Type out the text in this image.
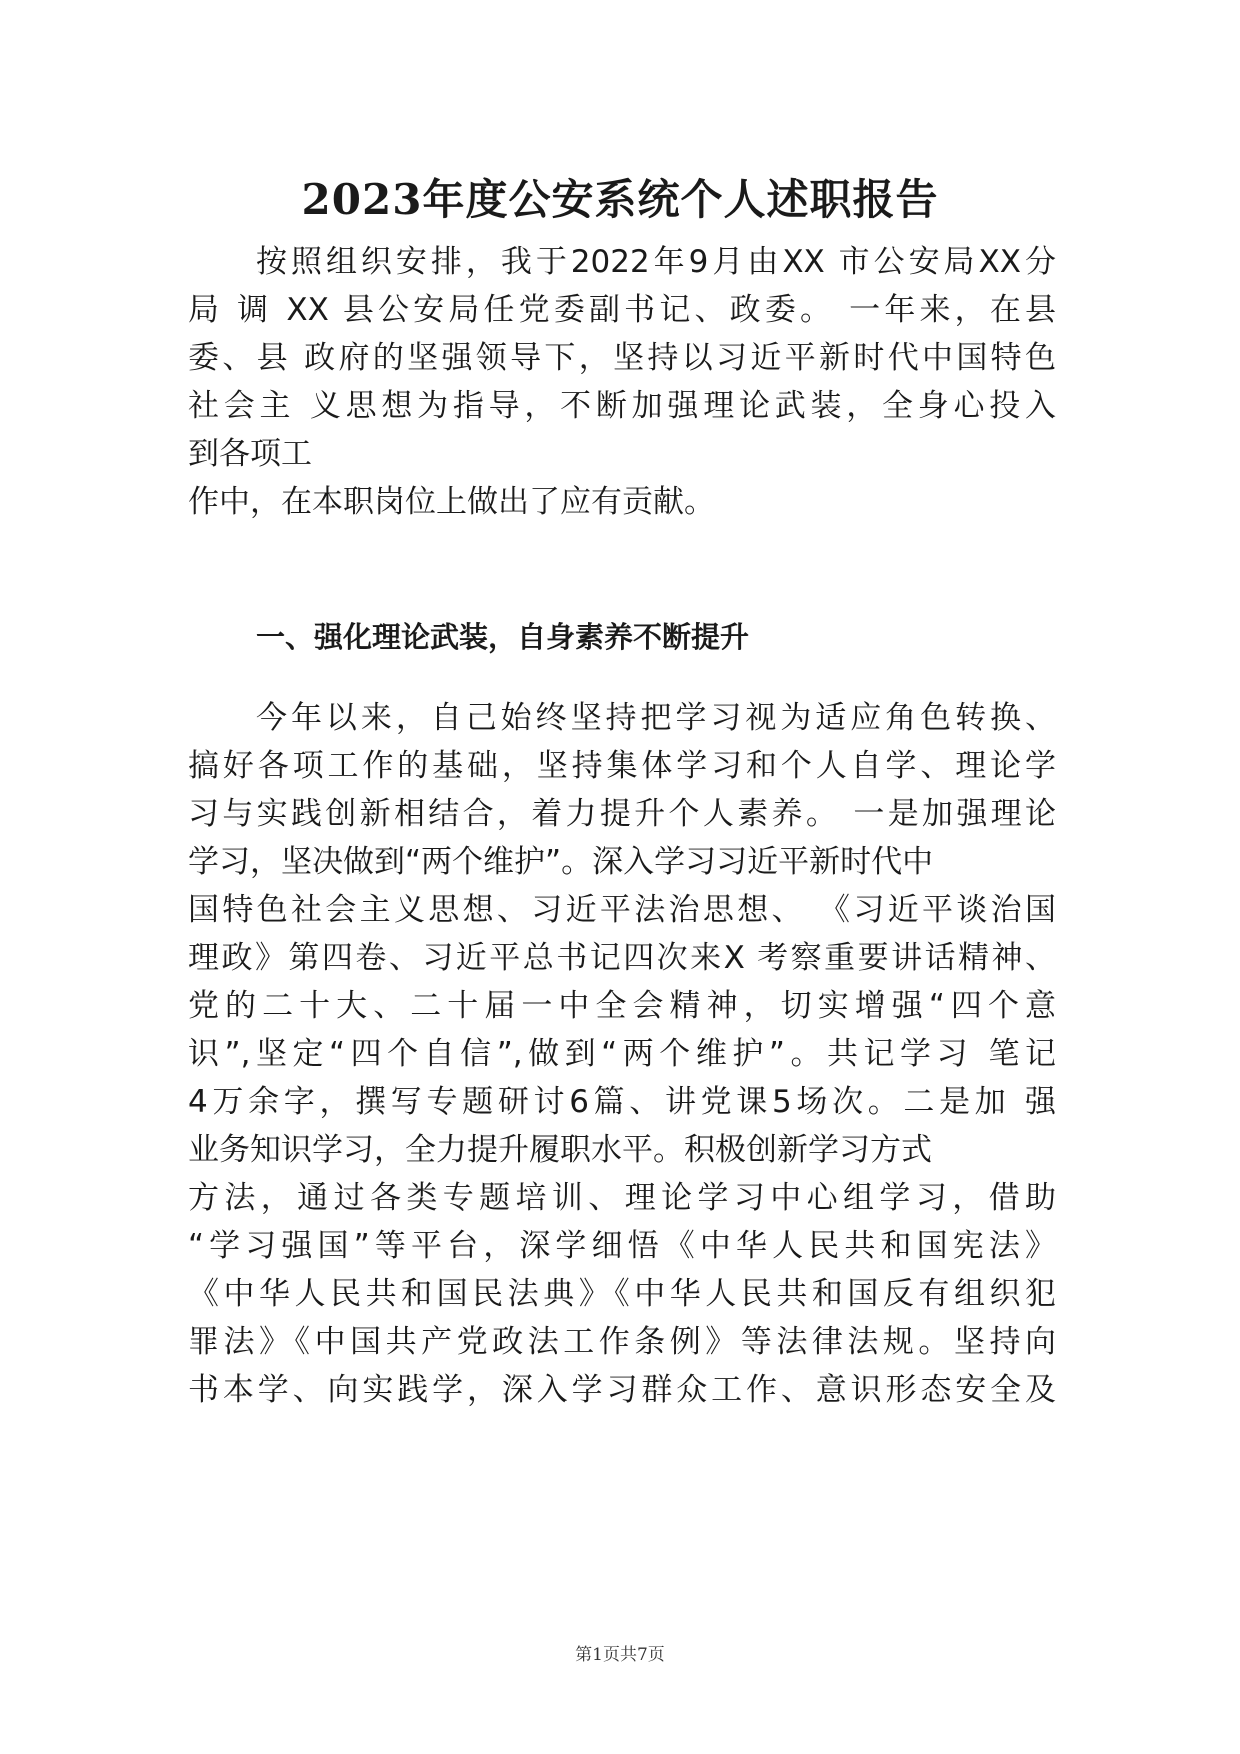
2023年度公安系统个人述职报告
按照组织安排，我于2022年9月由XX 市公安局XX分
局 调 XX 县公安局任党委副书记、政委。 一年来，在县
委、县 政府的坚强领导下，坚持以习近平新时代中国特色
社会主 义思想为指导，不断加强理论武装，全身心投入
到各项工
作中，在本职岗位上做出了应有贡献。
一、强化理论武装，自身素养不断提升
今年以来，自己始终坚持把学习视为适应角色转换、
搞好各项工作的基础，坚持集体学习和个人自学、理论学
习与实践创新相结合，着力提升个人素养。 一是加强理论
学习，坚决做到“两个维护”。深入学习习近平新时代中
国特色社会主义思想、习近平法治思想、 《习近平谈治国
理政》第四卷、习近平总书记四次来X 考察重要讲话精神、
党的二十大、二十届一中全会精神，切实增强“四个意
识”,坚定“四个自信”,做到“两个维护”。共记学习 笔记
4万余字，撰写专题研讨6篇、讲党课5场次。二是加 强
业务知识学习，全力提升履职水平。积极创新学习方式
方法，通过各类专题培训、理论学习中心组学习，借助
“学习强国”等平台，深学细悟《中华人民共和国宪法》
《中华人民共和国民法典》《中华人民共和国反有组织犯
罪法》《中国共产党政法工作条例》等法律法规。坚持向
书本学、向实践学，深入学习群众工作、意识形态安全及
第1页共7页
